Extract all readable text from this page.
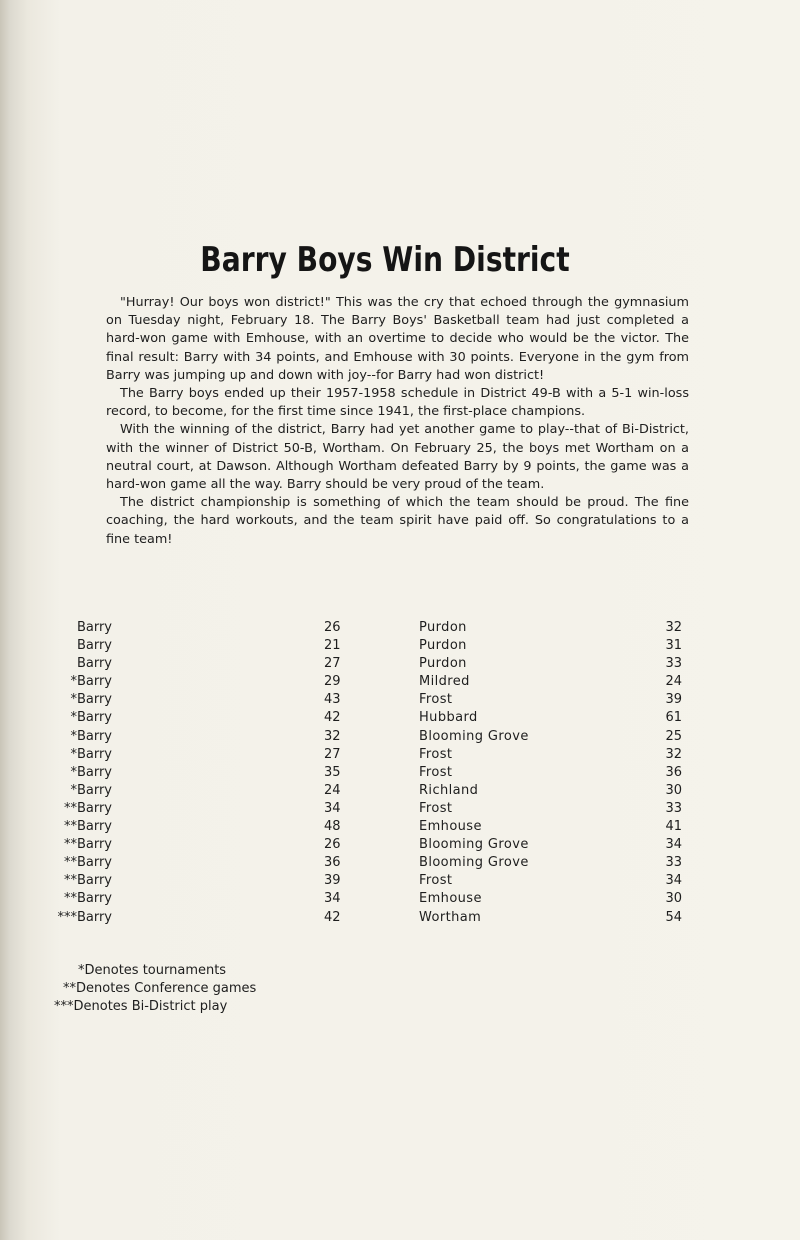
Barry Boys Win District

"Hurray! Our boys won district!" This was the cry that echoed through the gymnasium on Tuesday night, February 18. The Barry Boys' Basketball team had just completed a hard-won game with Emhouse, with an overtime to decide who would be the victor. The final result: Barry with 34 points, and Emhouse with 30 points. Everyone in the gym from Barry was jumping up and down with joy--for Barry had won district!

The Barry boys ended up their 1957-1958 schedule in District 49-B with a 5-1 win-loss record, to become, for the first time since 1941, the first-place champions.

With the winning of the district, Barry had yet another game to play--that of Bi-District, with the winner of District 50-B, Wortham. On February 25, the boys met Wortham on a neutral court, at Dawson. Although Wortham defeated Barry by 9 points, the game was a hard-won game all the way. Barry should be very proud of the team.

The district championship is something of which the team should be proud. The fine coaching, the hard workouts, and the team spirit have paid off. So congratulations to a fine team!

Barry	26	Purdon	32
Barry	21	Purdon	31
Barry	27	Purdon	33
*Barry	29	Mildred	24
*Barry	43	Frost	39
*Barry	42	Hubbard	61
*Barry	32	Blooming Grove	25
*Barry	27	Frost	32
*Barry	35	Frost	36
*Barry	24	Richland	30
**Barry	34	Frost	33
**Barry	48	Emhouse	41
**Barry	26	Blooming Grove	34
**Barry	36	Blooming Grove	33
**Barry	39	Frost	34
**Barry	34	Emhouse	30
***Barry	42	Wortham	54
*Denotes tournaments
**Denotes Conference games
***Denotes Bi-District play
